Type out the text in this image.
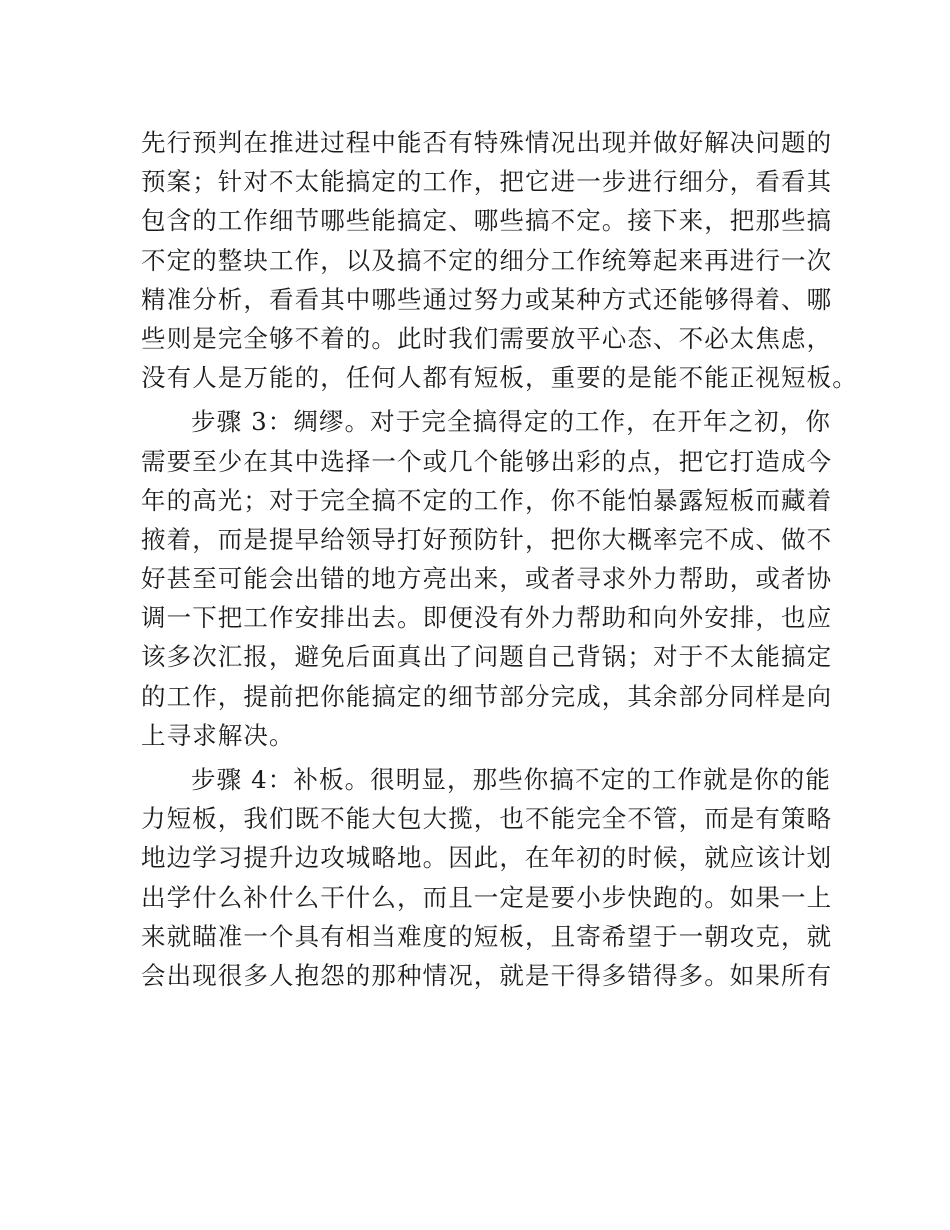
先行预判在推进过程中能否有特殊情况出现并做好解决问题的
预案；针对不太能搞定的工作，把它进一步进行细分，看看其
包含的工作细节哪些能搞定、哪些搞不定。接下来，把那些搞
不定的整块工作，以及搞不定的细分工作统筹起来再进行一次
精准分析，看看其中哪些通过努力或某种方式还能够得着、哪
些则是完全够不着的。此时我们需要放平心态、不必太焦虑，
没有人是万能的，任何人都有短板，重要的是能不能正视短板。
步骤 3：绸缪。对于完全搞得定的工作，在开年之初，你
需要至少在其中选择一个或几个能够出彩的点，把它打造成今
年的高光；对于完全搞不定的工作，你不能怕暴露短板而藏着
掖着，而是提早给领导打好预防针，把你大概率完不成、做不
好甚至可能会出错的地方亮出来，或者寻求外力帮助，或者协
调一下把工作安排出去。即便没有外力帮助和向外安排，也应
该多次汇报，避免后面真出了问题自己背锅；对于不太能搞定
的工作，提前把你能搞定的细节部分完成，其余部分同样是向
上寻求解决。
步骤 4：补板。很明显，那些你搞不定的工作就是你的能
力短板，我们既不能大包大揽，也不能完全不管，而是有策略
地边学习提升边攻城略地。因此，在年初的时候，就应该计划
出学什么补什么干什么，而且一定是要小步快跑的。如果一上
来就瞄准一个具有相当难度的短板，且寄希望于一朝攻克，就
会出现很多人抱怨的那种情况，就是干得多错得多。如果所有
